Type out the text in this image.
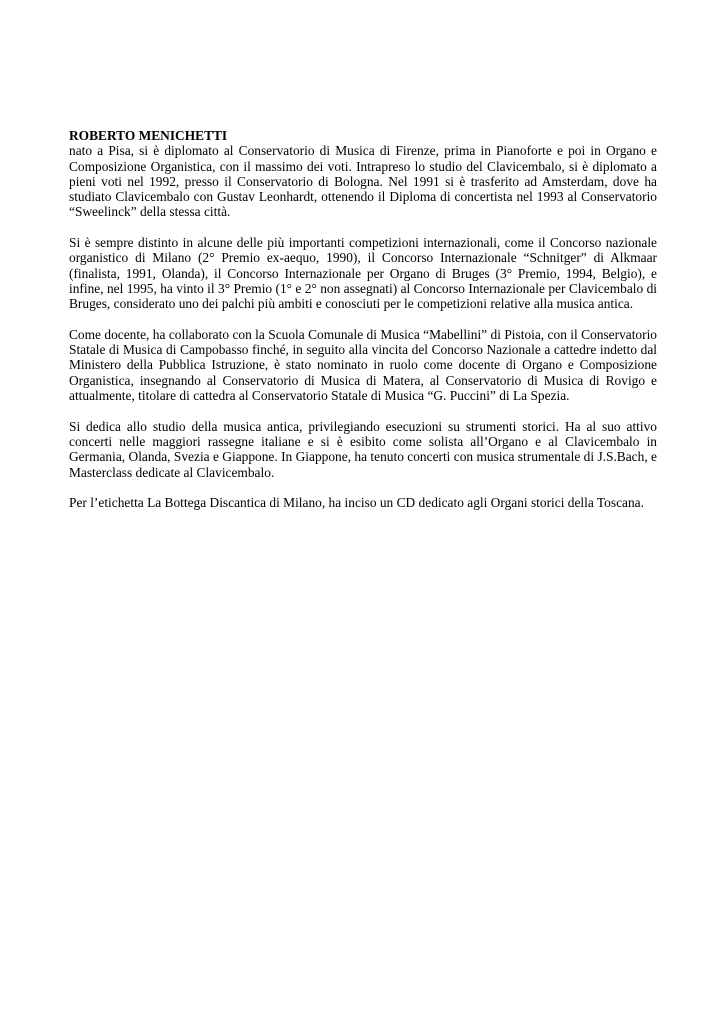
ROBERTO MENICHETTI

nato a Pisa, si è diplomato al Conservatorio di Musica di Firenze, prima in Pianoforte e poi in Organo e Composizione Organistica, con il massimo dei voti. Intrapreso lo studio del Clavicembalo, si è diplomato a pieni voti nel 1992, presso il Conservatorio di Bologna. Nel 1991 si è trasferito ad Amsterdam, dove ha studiato Clavicembalo con Gustav Leonhardt, ottenendo il Diploma di concertista nel 1993 al Conservatorio “Sweelinck” della stessa città.

Si è sempre distinto in alcune delle più importanti competizioni internazionali, come il Concorso nazionale organistico di Milano (2° Premio ex-aequo, 1990), il Concorso Internazionale “Schnitger” di Alkmaar (finalista, 1991, Olanda), il Concorso Internazionale per Organo di Bruges (3° Premio, 1994, Belgio), e infine, nel 1995, ha vinto il 3° Premio (1° e 2° non assegnati) al Concorso Internazionale per Clavicembalo di Bruges, considerato uno dei palchi più ambiti e conosciuti per le competizioni relative alla musica antica.

Come docente, ha collaborato con la Scuola Comunale di Musica “Mabellini” di Pistoia, con il Conservatorio Statale di Musica di Campobasso finché, in seguito alla vincita del Concorso Nazionale a cattedre indetto dal Ministero della Pubblica Istruzione, è stato nominato in ruolo come docente di Organo e Composizione Organistica, insegnando al Conservatorio di Musica di Matera, al Conservatorio di Musica di Rovigo e attualmente, titolare di cattedra al Conservatorio Statale di Musica “G. Puccini” di La Spezia.

Si dedica allo studio della musica antica, privilegiando esecuzioni su strumenti storici. Ha al suo attivo concerti nelle maggiori rassegne italiane e si è esibito come solista all’Organo e al Clavicembalo in Germania, Olanda, Svezia e Giappone. In Giappone, ha tenuto concerti con musica strumentale di J.S.Bach, e Masterclass dedicate al Clavicembalo.

Per l’etichetta La Bottega Discantica di Milano, ha inciso un CD dedicato agli Organi storici della Toscana.
